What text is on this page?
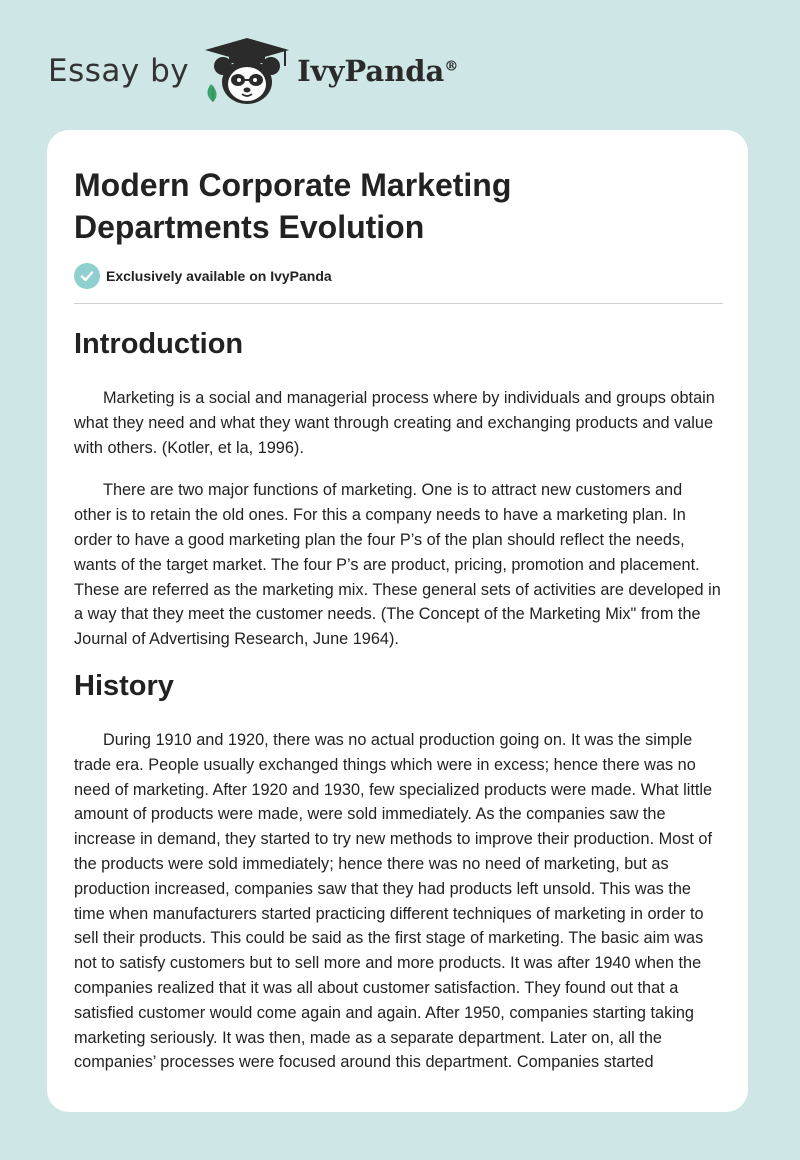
Essay by	IvyPanda®
Modern Corporate Marketing Departments Evolution
Exclusively available on IvyPanda
Introduction

Marketing is a social and managerial process where by individuals and groups obtain what they need and what they want through creating and exchanging products and value with others. (Kotler, et la, 1996).

There are two major functions of marketing. One is to attract new customers and other is to retain the old ones. For this a company needs to have a marketing plan. In order to have a good marketing plan the four P’s of the plan should reflect the needs, wants of the target market. The four P’s are product, pricing, promotion and placement. These are referred as the marketing mix. These general sets of activities are developed in a way that they meet the customer needs. (The Concept of the Marketing Mix" from the Journal of Advertising Research, June 1964).

History

During 1910 and 1920, there was no actual production going on. It was the simple trade era. People usually exchanged things which were in excess; hence there was no need of marketing. After 1920 and 1930, few specialized products were made. What little amount of products were made, were sold immediately. As the companies saw the increase in demand, they started to try new methods to improve their production. Most of the products were sold immediately; hence there was no need of marketing, but as production increased, companies saw that they had products left unsold. This was the time when manufacturers started practicing different techniques of marketing in order to sell their products. This could be said as the first stage of marketing. The basic aim was not to satisfy customers but to sell more and more products. It was after 1940 when the companies realized that it was all about customer satisfaction. They found out that a satisfied customer would come again and again. After 1950, companies starting taking marketing seriously. It was then, made as a separate department. Later on, all the companies’ processes were focused around this department. Companies started
